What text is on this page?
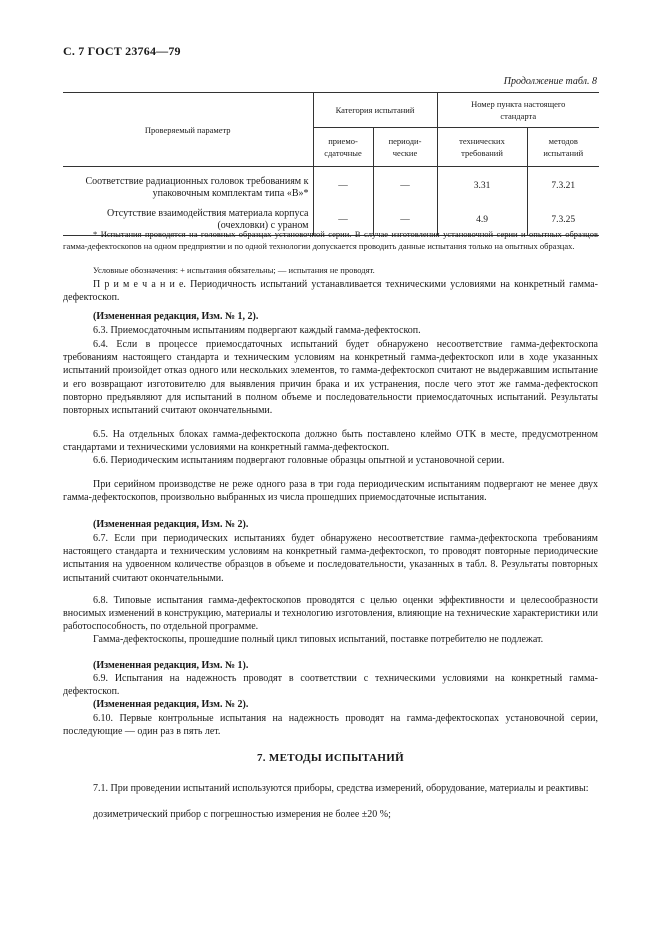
С. 7 ГОСТ 23764—79
Продолжение табл. 8
Проверяемый параметр	Категория испытаний		Номер пункта настоящего стандарта	
	приемо-сдаточные	периоди-ческие	технических требований	методов испытаний
Соответствие радиационных головок требованиям к упаковочным комплектам типа «В»*	—	—	3.31	7.3.21
Отсутствие взаимодействия материала корпуса (очехловки) с ураном	—	—	4.9	7.3.25

* Испытания проводятся на головных образцах установочной серии. В случае изготовления установочной серии и опытных образцов гамма-дефектоскопов на одном предприятии и по одной технологии допускается проводить данные испытания только на опытных образцах.

Условные обозначения: + испытания обязательны; — испытания не проводят.

П р и м е ч а н и е. Периодичность испытаний устанавливается техническими условиями на конкретный гамма-дефектоскоп.

(Измененная редакция, Изм. № 1, 2).

6.3. Приемосдаточным испытаниям подвергают каждый гамма-дефектоскоп.

6.4. Если в процессе приемосдаточных испытаний будет обнаружено несоответствие гамма-дефектоскопа требованиям настоящего стандарта и техническим условиям на конкретный гамма-дефектоскоп или в ходе указанных испытаний произойдет отказ одного или нескольких элементов, то гамма-дефектоскоп считают не выдержавшим испытание и его возвращают изготовителю для выявления причин брака и их устранения, после чего этот же гамма-дефектоскоп повторно предъявляют для испытаний в полном объеме и последовательности приемосдаточных испытаний. Результаты повторных испытаний считают окончательными.

6.5. На отдельных блоках гамма-дефектоскопа должно быть поставлено клеймо ОТК в месте, предусмотренном стандартами и техническими условиями на конкретный гамма-дефектоскоп.

6.6. Периодическим испытаниям подвергают головные образцы опытной и установочной серии.

При серийном производстве не реже одного раза в три года периодическим испытаниям подвергают не менее двух гамма-дефектоскопов, произвольно выбранных из числа прошедших приемосдаточные испытания.

(Измененная редакция, Изм. № 2).

6.7. Если при периодических испытаниях будет обнаружено несоответствие гамма-дефектоскопа требованиям настоящего стандарта и техническим условиям на конкретный гамма-дефектоскоп, то проводят повторные периодические испытания на удвоенном количестве образцов в объеме и последовательности, указанных в табл. 8. Результаты повторных испытаний считают окончательными.

6.8. Типовые испытания гамма-дефектоскопов проводятся с целью оценки эффективности и целесообразности вносимых изменений в конструкцию, материалы и технологию изготовления, влияющие на технические характеристики или работоспособность, по отдельной программе.

Гамма-дефектоскопы, прошедшие полный цикл типовых испытаний, поставке потребителю не подлежат.

(Измененная редакция, Изм. № 1).

6.9. Испытания на надежность проводят в соответствии с техническими условиями на конкретный гамма-дефектоскоп.

(Измененная редакция, Изм. № 2).

6.10. Первые контрольные испытания на надежность проводят на гамма-дефектоскопах установочной серии, последующие — один раз в пять лет.

7. МЕТОДЫ ИСПЫТАНИЙ

7.1. При проведении испытаний используются приборы, средства измерений, оборудование, материалы и реактивы:

дозиметрический прибор с погрешностью измерения не более ±20 %;
